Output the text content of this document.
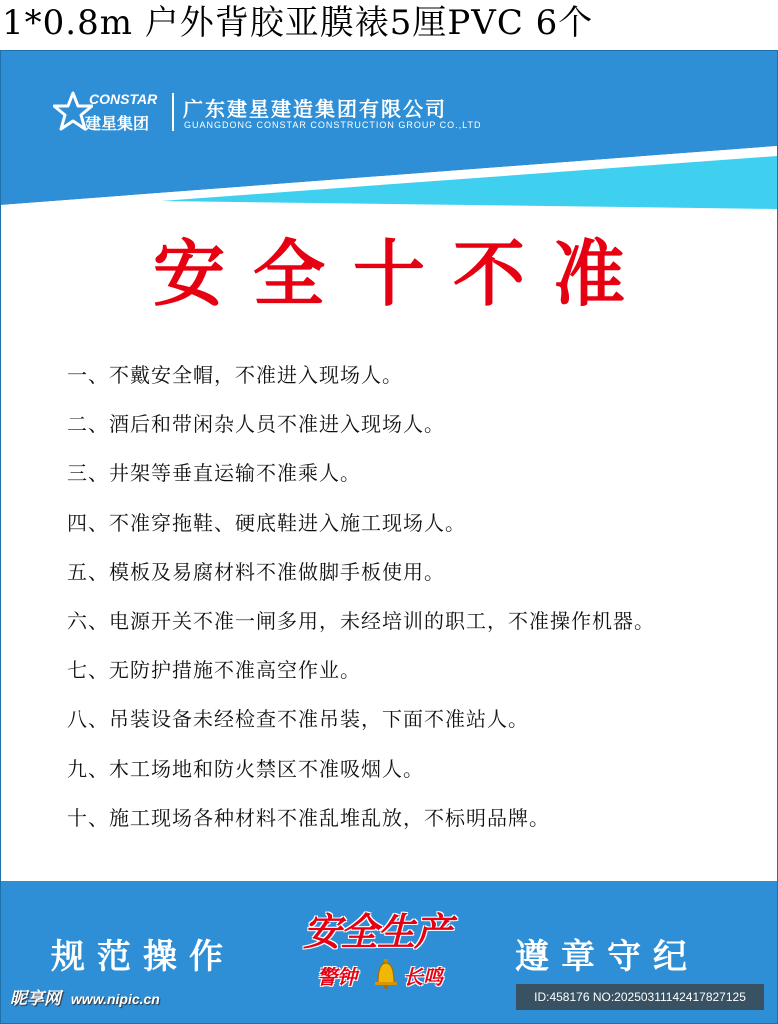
1*0.8m 户外背胶亚膜裱5厘PVC 6个
CONSTAR
建星集团
广东建星建造集团有限公司
GUANGDONG CONSTAR CONSTRUCTION GROUP CO.,LTD
安全十不准
一、不戴安全帽，不准进入现场人。
二、酒后和带闲杂人员不准进入现场人。
三、井架等垂直运输不准乘人。
四、不准穿拖鞋、硬底鞋进入施工现场人。
五、模板及易腐材料不准做脚手板使用。
六、电源开关不准一闸多用，未经培训的职工，不准操作机器。
七、无防护措施不准高空作业。
八、吊装设备未经检查不准吊装，下面不准站人。
九、木工场地和防火禁区不准吸烟人。
十、施工现场各种材料不准乱堆乱放，不标明品牌。
规范操作
安全生产
警钟 长鸣 遵章守纪
昵享网 www.nipic.cn	ID:458176 NO:20250311142417827125
